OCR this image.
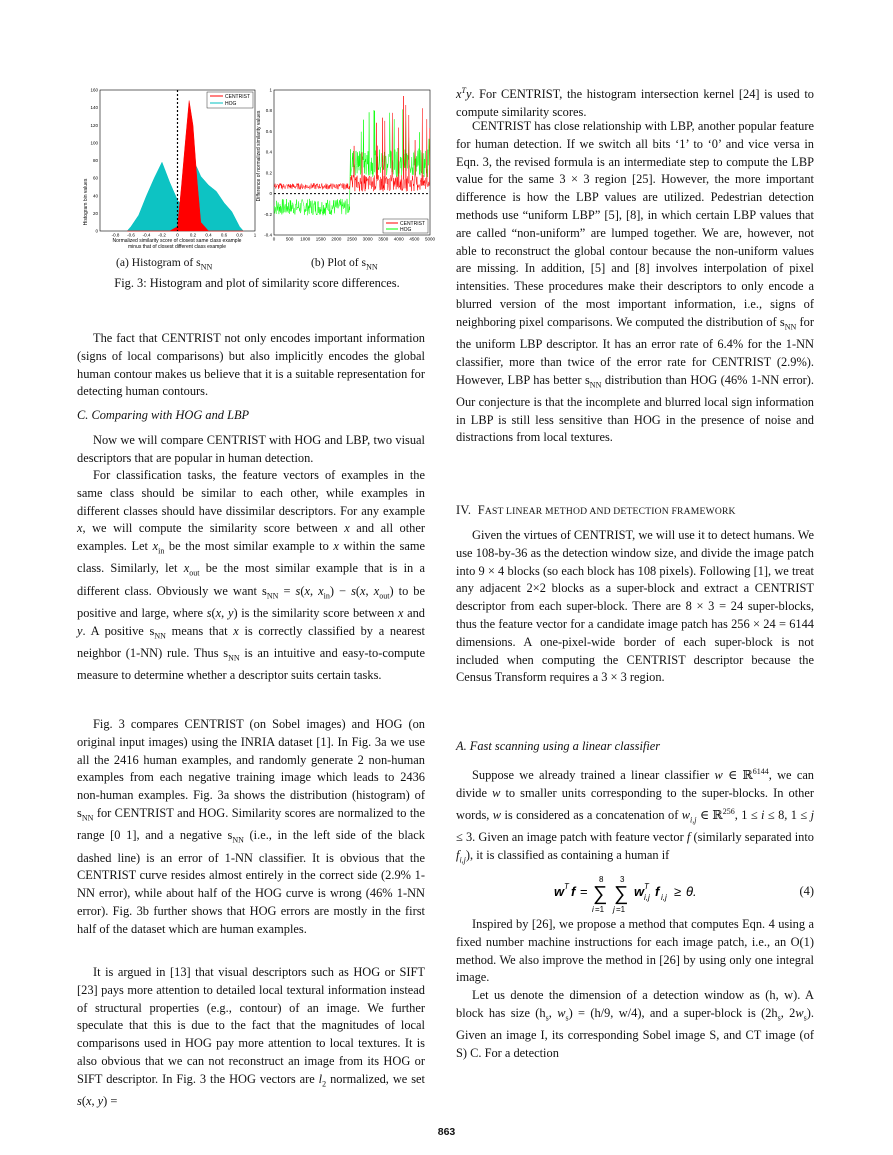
Histogram bin values
0
20
40
60
80
100
120
140
160
-0.8 -0.6 -0.4 -0.2 0 0.2 0.4 0.6 0.8 1
CENTRIST
HOG
Normalized similarity score of closest same class example
minus that of closest different class example
Difference of normalized similarity values
-0.4
-0.2
0
0.2
0.4
0.6
0.8
1
0 500 1000 1500 2000 2500 3000 3500 4000 4500 5000
CENTRIST
HOG
(a) Histogram of $s_{NN}$	(b) Plot of $s_{NN}$
Fig. 3: Histogram and plot of similarity score differences.

The fact that CENTRIST not only encodes important information (signs of local comparisons) but also implicitly encodes the global human contour makes us believe that it is a suitable representation for detecting human contours.

C. Comparing with HOG and LBP

Now we will compare CENTRIST with HOG and LBP, two visual descriptors that are popular in human detection.

For classification tasks, the feature vectors of examples in the same class should be similar to each other, while examples in different classes should have dissimilar descriptors. For any example x, we will compute the similarity score between x and all other examples. Let $x_{in}$ be the most similar example to x within the same class. Similarly, let $x_{out}$ be the most similar example that is in a different class. Obviously we want $s_{NN} = s(x$, $x_{in}) - s(x$, $x_{out}$) to be positive and large, where s(x, y) is the similarity score between x and y. A positive $s_{NN}$ means that x is correctly classified by a nearest neighbor (1-NN) rule. Thus $s_{NN}$ is an intuitive and easy-to-compute measure to determine whether a descriptor suits certain tasks.

Fig. 3 compares CENTRIST (on Sobel images) and HOG (on original input images) using the INRIA dataset [1]. In Fig. 3a we use all the 2416 human examples, and randomly generate 2 non-human examples from each negative training image which leads to 2436 non-human examples. Fig. 3a shows the distribution (histogram) of $s_{NN}$ for CENTRIST and HOG. Similarity scores are normalized to the range [0 1], and a negative $s_{NN}$ (i.e., in the left side of the black dashed line) is an error of 1-NN classifier. It is obvious that the CENTRIST curve resides almost entirely in the correct side (2.9% 1-NN error), while about half of the HOG curve is wrong (46% 1-NN error). Fig. 3b further shows that HOG errors are mostly in the first half of the dataset which are human examples.

It is argued in [13] that visual descriptors such as HOG or SIFT [23] pays more attention to detailed local textural information instead of structural properties (e.g., contour) of an image. We further speculate that this is due to the fact that the magnitudes of local comparisons used in HOG pay more attention to local textures. It is also obvious that we can not reconstruct an image from its HOG or SIFT descriptor. In Fig. 3 the HOG vectors are $l_2$ normalized, we set s(x, y) =

$x^Ty$. For CENTRIST, the histogram intersection kernel [24] is used to compute similarity scores.

CENTRIST has close relationship with LBP, another popular feature for human detection. If we switch all bits ‘1’ to ‘0’ and vice versa in Eqn. 3, the revised formula is an intermediate step to compute the LBP value for the same 3 × 3 region [25]. However, the more important difference is how the LBP values are utilized. Pedestrian detection methods use “uniform LBP” [5], [8], in which certain LBP values that are called “non-uniform” are lumped together. We are, however, not able to reconstruct the global contour because the non-uniform values are missing. In addition, [5] and [8] involves interpolation of pixel intensities. These procedures make their descriptors to only encode a blurred version of the most important information, i.e., signs of neighboring pixel comparisons. We computed the distribution of $s_{NN}$ for the uniform LBP descriptor. It has an error rate of 6.4% for the 1-NN classifier, more than twice of the error rate for CENTRIST (2.9%). However, LBP has better $s_{NN}$ distribution than HOG (46% 1-NN error). Our conjecture is that the incomplete and blurred local sign information in LBP is still less sensitive than HOG in the presence of noise and distractions from local textures.

IV. FAST LINEAR METHOD AND DETECTION FRAMEWORK

Given the virtues of CENTRIST, we will use it to detect humans. We use 108-by-36 as the detection window size, and divide the image patch into 9 × 4 blocks (so each block has 108 pixels). Following [1], we treat any adjacent 2×2 blocks as a super-block and extract a CENTRIST descriptor from each super-block. There are 8 × 3 = 24 super-blocks, thus the feature vector for a candidate image patch has 256 × 24 = 6144 dimensions. A one-pixel-wide border of each super-block is not included when computing the CENTRIST descriptor because the Census Transform requires a 3 × 3 region.

A. Fast scanning using a linear classifier

Suppose we already trained a linear classifier w ∈ ℝ$^{6144}$, we can divide w to smaller units corresponding to the super-blocks. In other words, w is considered as a concatenation of $w_{i,j}$ ∈ ℝ$^{256}$, 1 ≤ i ≤ 8, 1 ≤ j ≤ 3. Given an image patch with feature vector f (similarly separated into $f_{i,j}$), it is classified as containing a human if

w T f =
8
∑
i =1
3
∑
j =1
w T
i,j f i,j ≥ θ.	(4)

Inspired by [26], we propose a method that computes Eqn. 4 using a fixed number machine instructions for each image patch, i.e., an O(1) method. We also improve the method in [26] by using only one integral image.

Let us denote the dimension of a detection window as (h, w). A block has size ($h_s$, $w_s) = (h/9$, w/4), and a super-block is ($2h_s$, $2w_s$). Given an image I, its corresponding Sobel image S, and CT image (of S) C. For a detection

863
